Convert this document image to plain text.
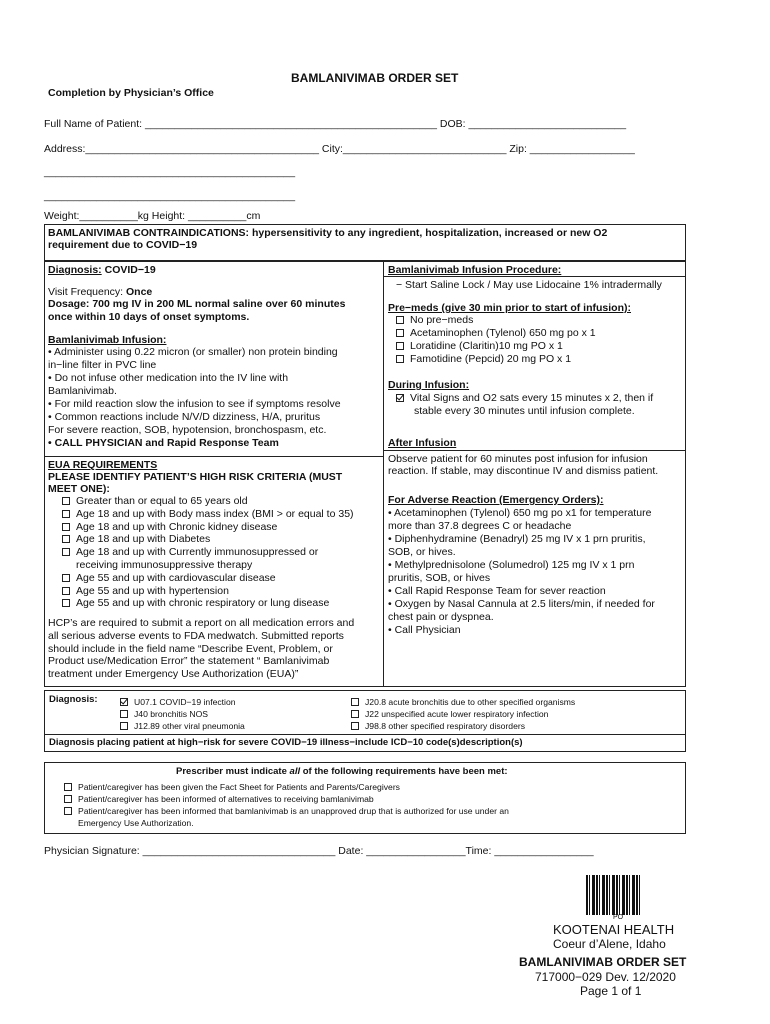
BAMLANIVIMAB ORDER SET
Completion by Physician’s Office
Full Name of Patient: __________________________________________________ DOB: ___________________________
Address:________________________________________ City:____________________________ Zip: __________________
___________________________________________
___________________________________________
Weight:__________kg Height: __________cm
BAMLANIVIMAB CONTRAINDICATIONS: hypersensitivity to any ingredient, hospitalization, increased or new O2
requirement due to COVID−19
Diagnosis: COVID−19
Visit Frequency: Once
Dosage: 700 mg IV in 200 ML normal saline over 60 minutes
once within 10 days of onset symptoms.
Bamlanivimab Infusion:
• Administer using 0.22 micron (or smaller) non protein binding
in−line filter in PVC line
• Do not infuse other medication into the IV line with
Bamlanivimab.
• For mild reaction slow the infusion to see if symptoms resolve
• Common reactions include N/V/D dizziness, H/A, pruritus
For severe reaction, SOB, hypotension, bronchospasm, etc.
• CALL PHYSICIAN and Rapid Response Team
EUA REQUIREMENTS
PLEASE IDENTIFY PATIENT’S HIGH RISK CRITERIA (MUST
MEET ONE):
Greater than or equal to 65 years old
Age 18 and up with Body mass index (BMI > or equal to 35)
Age 18 and up with Chronic kidney disease
Age 18 and up with Diabetes
Age 18 and up with Currently immunosuppressed or
receiving immunosuppressive therapy
Age 55 and up with cardiovascular disease
Age 55 and up with hypertension
Age 55 and up with chronic respiratory or lung disease
HCP’s are required to submit a report on all medication errors and
all serious adverse events to FDA medwatch. Submitted reports
should include in the field name “Describe Event, Problem, or
Product use/Medication Error” the statement “ Bamlanivimab
treatment under Emergency Use Authorization (EUA)”
Bamlanivimab Infusion Procedure:
− Start Saline Lock / May use Lidocaine 1% intradermally
Pre−meds (give 30 min prior to start of infusion):
No pre−meds
Acetaminophen (Tylenol) 650 mg po x 1
Loratidine (Claritin)10 mg PO x 1
Famotidine (Pepcid) 20 mg PO x 1
During Infusion:
Vital Signs and O2 sats every 15 minutes x 2, then if
stable every 30 minutes until infusion complete.
After Infusion
Observe patient for 60 minutes post infusion for infusion
reaction. If stable, may discontinue IV and dismiss patient.
For Adverse Reaction (Emergency Orders):
• Acetaminophen (Tylenol) 650 mg po x1 for temperature
more than 37.8 degrees C or headache
• Diphenhydramine (Benadryl) 25 mg IV x 1 prn pruritis,
SOB, or hives.
• Methylprednisolone (Solumedrol) 125 mg IV x 1 prn
pruritis, SOB, or hives
• Call Rapid Response Team for sever reaction
• Oxygen by Nasal Cannula at 2.5 liters/min, if needed for
chest pain or dyspnea.
• Call Physician
Diagnosis:	U07.1 COVID−19 infection
J40 bronchitis NOS
J12.89 other viral pneumonia
J20.8 acute bronchitis due to other specified organisms
J22 unspecified acute lower respiratory infection
J98.8 other specified respiratory disorders
Diagnosis placing patient at high−risk for severe COVID−19 illness−include ICD−10 code(s)description(s)
Prescriber must indicate all of the following requirements have been met:
Patient/caregiver has been given the Fact Sheet for Patients and Parents/Caregivers
Patient/caregiver has been informed of alternatives to receiving bamlanivimab
Patient/caregiver has been informed that bamlanivimab is an unapproved drup that is authorized for use under an
Emergency Use Authorization.
Physician Signature: _________________________________ Date: _________________Time: _________________
PO
KOOTENAI HEALTH
Coeur d’Alene, Idaho
BAMLANIVIMAB ORDER SET
717000−029 Dev. 12/2020
Page 1 of 1
